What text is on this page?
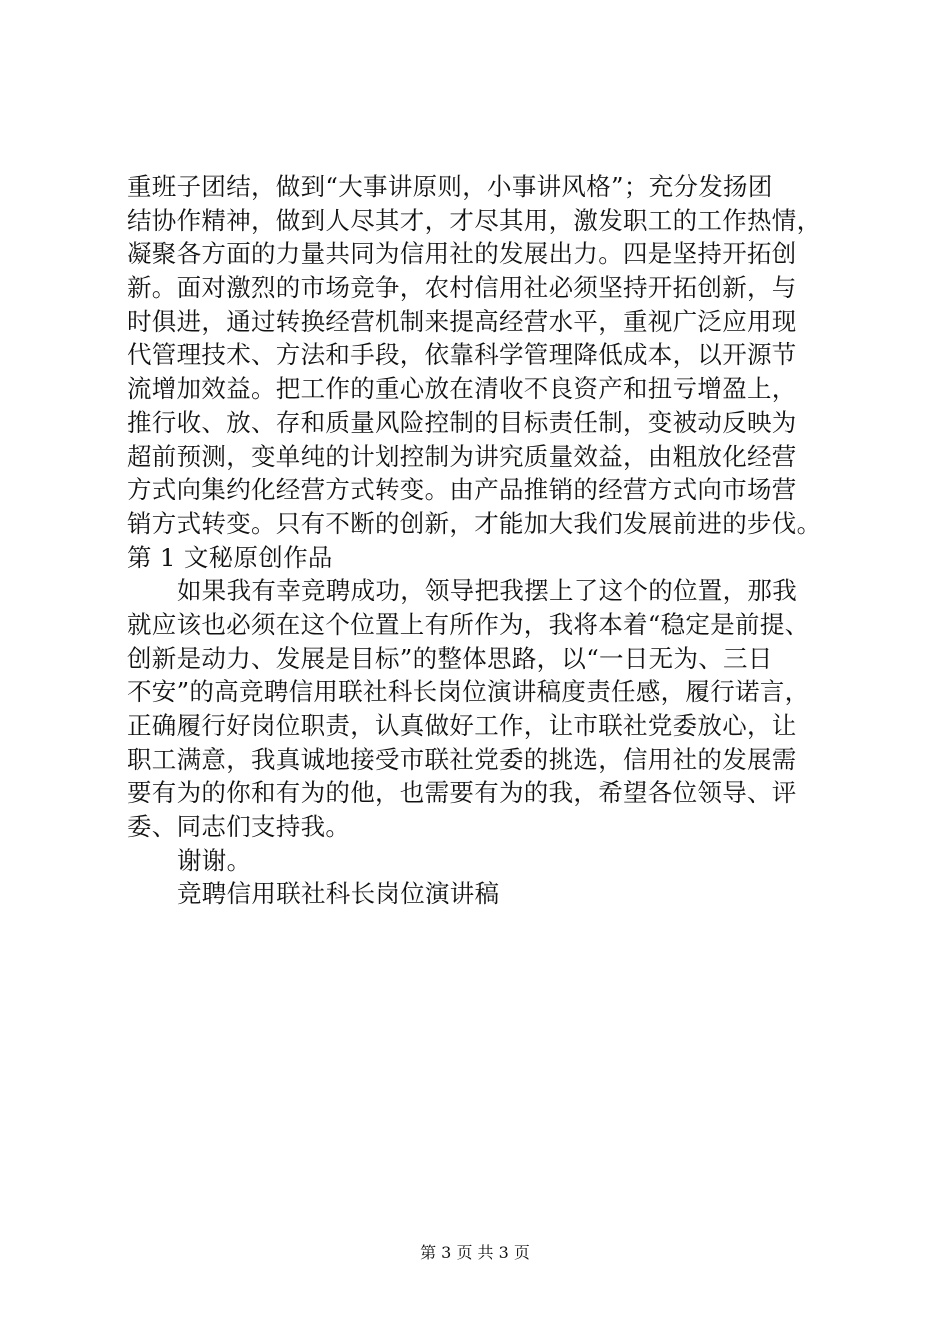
重班子团结，做到“大事讲原则，小事讲风格”；充分发扬团
结协作精神，做到人尽其才，才尽其用，激发职工的工作热情，
凝聚各方面的力量共同为信用社的发展出力。四是坚持开拓创
新。面对激烈的市场竞争，农村信用社必须坚持开拓创新，与
时俱进，通过转换经营机制来提高经营水平，重视广泛应用现
代管理技术、方法和手段，依靠科学管理降低成本，以开源节
流增加效益。把工作的重心放在清收不良资产和扭亏增盈上，
推行收、放、存和质量风险控制的目标责任制，变被动反映为
超前预测，变单纯的计划控制为讲究质量效益，由粗放化经营
方式向集约化经营方式转变。由产品推销的经营方式向市场营
销方式转变。只有不断的创新，才能加大我们发展前进的步伐。
第 1 文秘原创作品
如果我有幸竞聘成功，领导把我摆上了这个的位置，那我
就应该也必须在这个位置上有所作为，我将本着“稳定是前提、
创新是动力、发展是目标”的整体思路，以“一日无为、三日
不安”的高竞聘信用联社科长岗位演讲稿度责任感，履行诺言，
正确履行好岗位职责，认真做好工作，让市联社党委放心，让
职工满意，我真诚地接受市联社党委的挑选，信用社的发展需
要有为的你和有为的他，也需要有为的我，希望各位领导、评
委、同志们支持我。
谢谢。
竞聘信用联社科长岗位演讲稿
第 3 页 共 3 页
